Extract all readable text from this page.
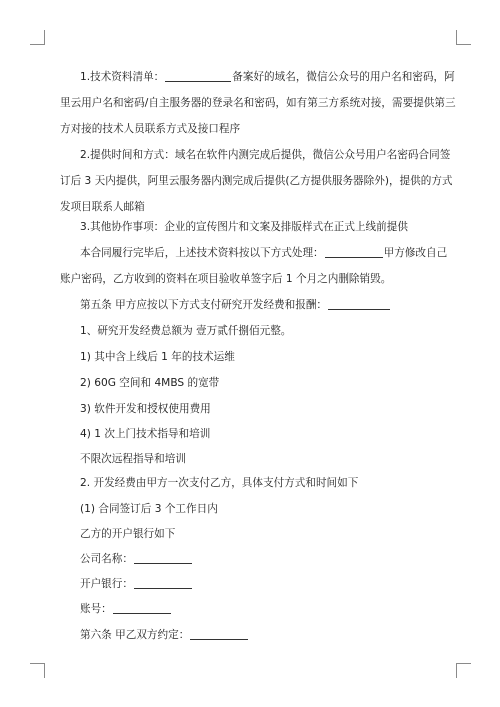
1.技术资料清单：	备案好的域名，微信公众号的用户名和密码，阿
里云用户名和密码/自主服务器的登录名和密码，如有第三方系统对接，需要提供第三
方对接的技术人员联系方式及接口程序
2.提供时间和方式：域名在软件内测完成后提供，微信公众号用户名密码合同签
订后 3 天内提供，阿里云服务器内测完成后提供(乙方提供服务器除外)，提供的方式
发项目联系人邮箱
3.其他协作事项：企业的宣传图片和文案及排版样式在正式上线前提供
本合同履行完毕后，上述技术资料按以下方式处理：	甲方修改自己
账户密码，乙方收到的资料在项目验收单签字后 1 个月之内删除销毁。
第五条 甲方应按以下方式支付研究开发经费和报酬：
1、研究开发经费总额为 壹万贰仟捌佰元整。
1) 其中含上线后 1 年的技术运维
2) 60G 空间和 4MBS 的宽带
3) 软件开发和授权使用费用
4) 1 次上门技术指导和培训
不限次远程指导和培训
2. 开发经费由甲方一次支付乙方，具体支付方式和时间如下
(1) 合同签订后 3 个工作日内
乙方的开户银行如下
公司名称：
开户银行：
账号：
第六条 甲乙双方约定：
